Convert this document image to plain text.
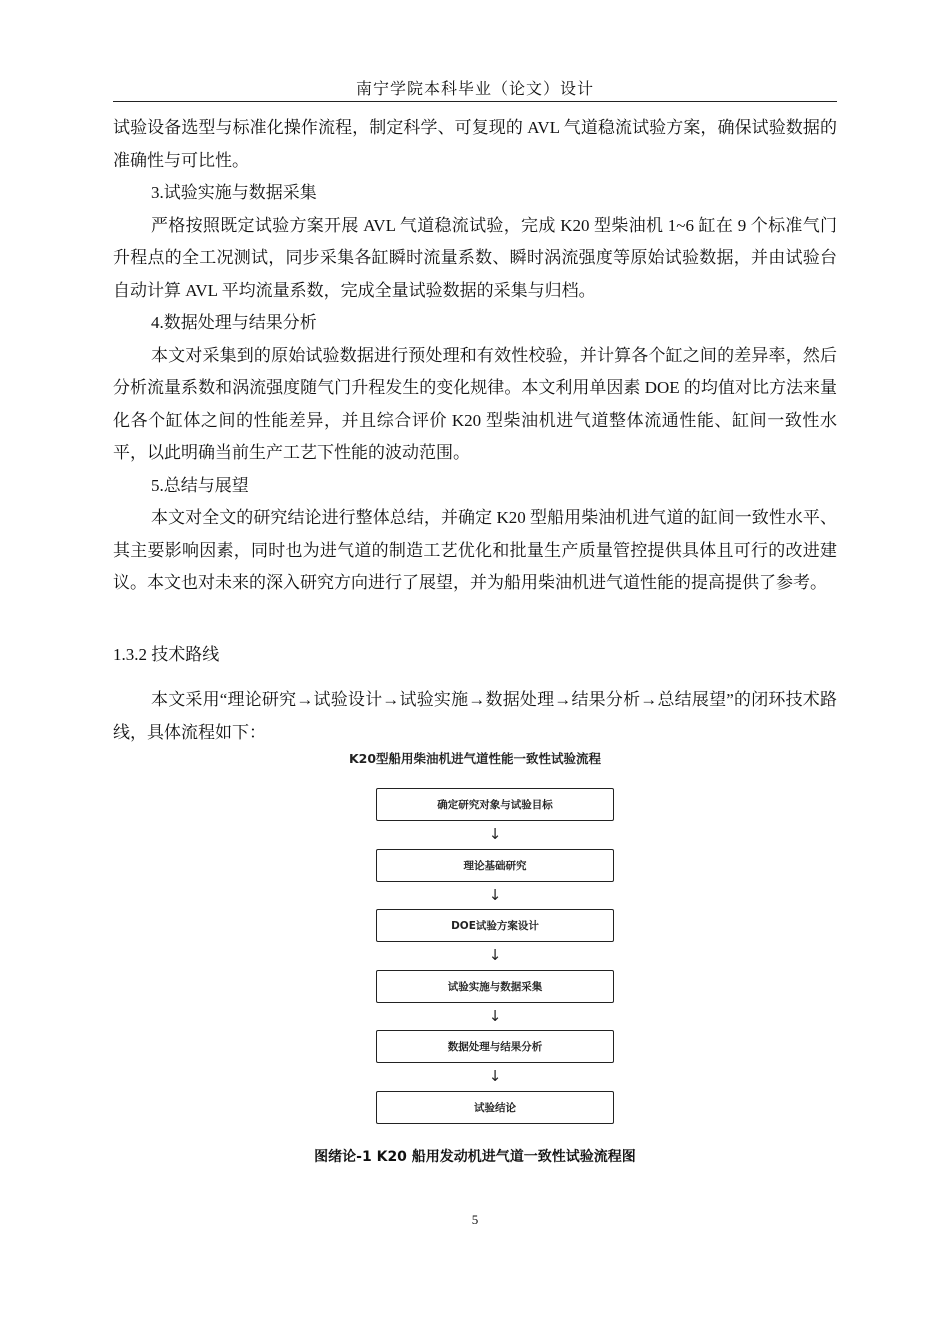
南宁学院本科毕业（论文）设计

试验设备选型与标准化操作流程，制定科学、可复现的 AVL 气道稳流试验方案，确保试验数据的准确性与可比性。

3.试验实施与数据采集

严格按照既定试验方案开展 AVL 气道稳流试验，完成 K20 型柴油机 1~6 缸在 9 个标准气门升程点的全工况测试，同步采集各缸瞬时流量系数、瞬时涡流强度等原始试验数据，并由试验台自动计算 AVL 平均流量系数，完成全量试验数据的采集与归档。

4.数据处理与结果分析

本文对采集到的原始试验数据进行预处理和有效性校验，并计算各个缸之间的差异率，然后分析流量系数和涡流强度随气门升程发生的变化规律。本文利用单因素 DOE 的均值对比方法来量化各个缸体之间的性能差异，并且综合评价 K20 型柴油机进气道整体流通性能、缸间一致性水平，以此明确当前生产工艺下性能的波动范围。

5.总结与展望

本文对全文的研究结论进行整体总结，并确定 K20 型船用柴油机进气道的缸间一致性水平、其主要影响因素，同时也为进气道的制造工艺优化和批量生产质量管控提供具体且可行的改进建议。本文也对未来的深入研究方向进行了展望，并为船用柴油机进气道性能的提高提供了参考。

1.3.2 技术路线

本文采用“理论研究→试验设计→试验实施→数据处理→结果分析→总结展望”的闭环技术路线，具体流程如下：

K20型船用柴油机进气道性能一致性试验流程
确定研究对象与试验目标
↓
理论基础研究
↓
DOE试验方案设计
↓
试验实施与数据采集
↓
数据处理与结果分析
↓
试验结论
图绪论-1 K20 船用发动机进气道一致性试验流程图
5
